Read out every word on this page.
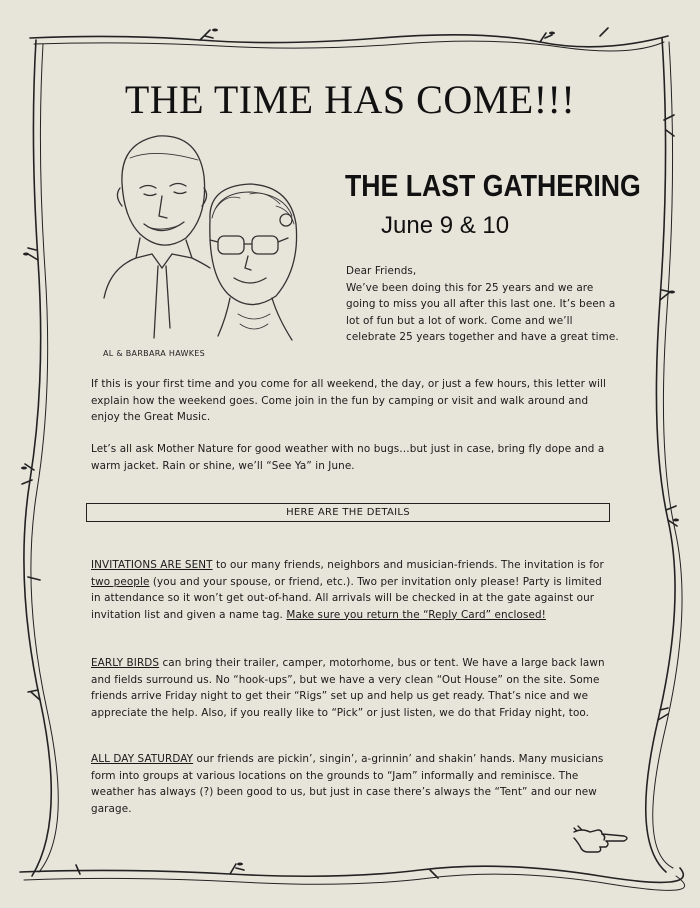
THE TIME HAS COME!!!
AL & BARBARA HAWKES
THE LAST GATHERING
June 9 & 10

Dear Friends,

We’ve been doing this for 25 years and we are going to miss you all after this last one. It’s been a lot of fun but a lot of work. Come and we’ll celebrate 25 years together and have a great time.

If this is your first time and you come for all weekend, the day, or just a few hours, this letter will explain how the weekend goes. Come join in the fun by camping or visit and walk around and enjoy the Great Music.

Let’s all ask Mother Nature for good weather with no bugs…but just in case, bring fly dope and a warm jacket. Rain or shine, we’ll “See Ya” in June.

HERE ARE THE DETAILS

INVITATIONS ARE SENT to our many friends, neighbors and musician-friends. The invitation is for two people (you and your spouse, or friend, etc.). Two per invitation only please! Party is limited in attendance so it won’t get out-of-hand. All arrivals will be checked in at the gate against our invitation list and given a name tag. Make sure you return the “Reply Card” enclosed!

EARLY BIRDS can bring their trailer, camper, motorhome, bus or tent. We have a large back lawn and fields surround us. No “hook-ups”, but we have a very clean “Out House” on the site. Some friends arrive Friday night to get their “Rigs” set up and help us get ready. That’s nice and we appreciate the help. Also, if you really like to “Pick” or just listen, we do that Friday night, too.

ALL DAY SATURDAY our friends are pickin’, singin’, a-grinnin’ and shakin’ hands. Many musicians form into groups at various locations on the grounds to “Jam” informally and reminisce. The weather has always (?) been good to us, but just in case there’s always the “Tent” and our new garage.
